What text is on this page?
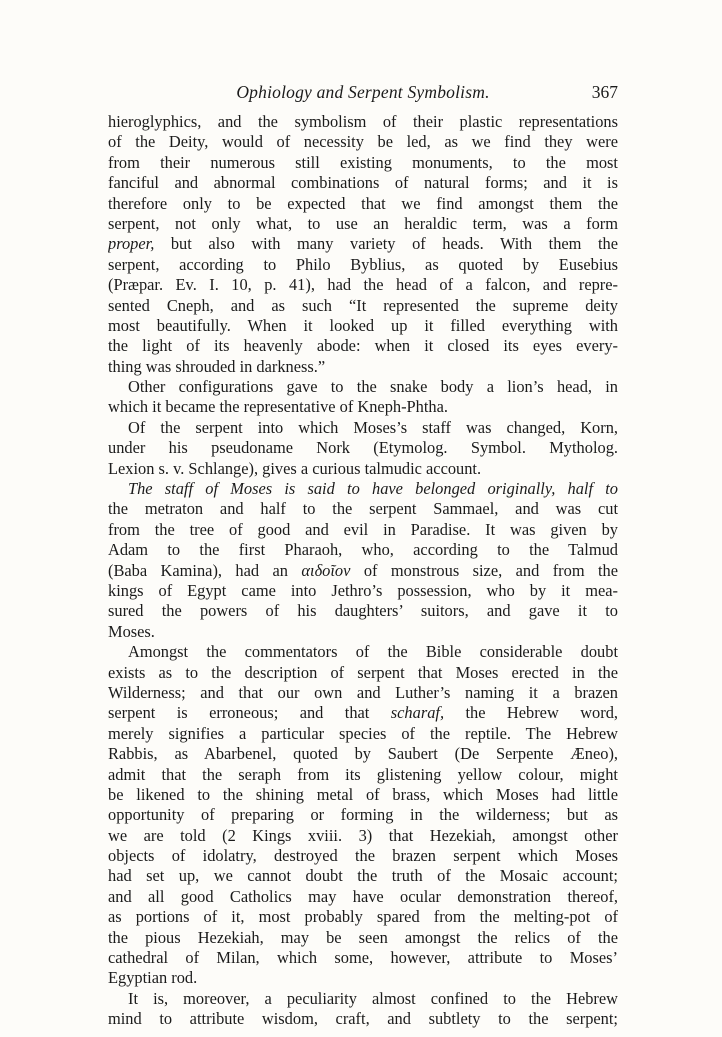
Ophiology and Serpent Symbolism.	367
hieroglyphics, and the symbolism of their plastic representations
of the Deity, would of necessity be led, as we find they were
from their numerous still existing monuments, to the most
fanciful and abnormal combinations of natural forms; and it is
therefore only to be expected that we find amongst them the
serpent, not only what, to use an heraldic term, was a form
proper, but also with many variety of heads. With them the
serpent, according to Philo Byblius, as quoted by Eusebius
(Præpar. Ev. I. 10, p. 41), had the head of a falcon, and repre-
sented Cneph, and as such “It represented the supreme deity
most beautifully. When it looked up it filled everything with
the light of its heavenly abode: when it closed its eyes every-
thing was shrouded in darkness.”
Other configurations gave to the snake body a lion’s head, in
which it became the representative of Kneph-Phtha.
Of the serpent into which Moses’s staff was changed, Korn,
under his pseudoname Nork (Etymolog. Symbol. Mytholog.
Lexion s. v. Schlange), gives a curious talmudic account.
The staff of Moses is said to have belonged originally, half to
the metraton and half to the serpent Sammael, and was cut
from the tree of good and evil in Paradise. It was given by
Adam to the first Pharaoh, who, according to the Talmud
(Baba Kamina), had an αιδοῖον of monstrous size, and from the
kings of Egypt came into Jethro’s possession, who by it mea-
sured the powers of his daughters’ suitors, and gave it to
Moses.
Amongst the commentators of the Bible considerable doubt
exists as to the description of serpent that Moses erected in the
Wilderness; and that our own and Luther’s naming it a brazen
serpent is erroneous; and that scharaf, the Hebrew word,
merely signifies a particular species of the reptile. The Hebrew
Rabbis, as Abarbenel, quoted by Saubert (De Serpente Æneo),
admit that the seraph from its glistening yellow colour, might
be likened to the shining metal of brass, which Moses had little
opportunity of preparing or forming in the wilderness; but as
we are told (2 Kings xviii. 3) that Hezekiah, amongst other
objects of idolatry, destroyed the brazen serpent which Moses
had set up, we cannot doubt the truth of the Mosaic account;
and all good Catholics may have ocular demonstration thereof,
as portions of it, most probably spared from the melting-pot of
the pious Hezekiah, may be seen amongst the relics of the
cathedral of Milan, which some, however, attribute to Moses’
Egyptian rod.
It is, moreover, a peculiarity almost confined to the Hebrew
mind to attribute wisdom, craft, and subtlety to the serpent;
